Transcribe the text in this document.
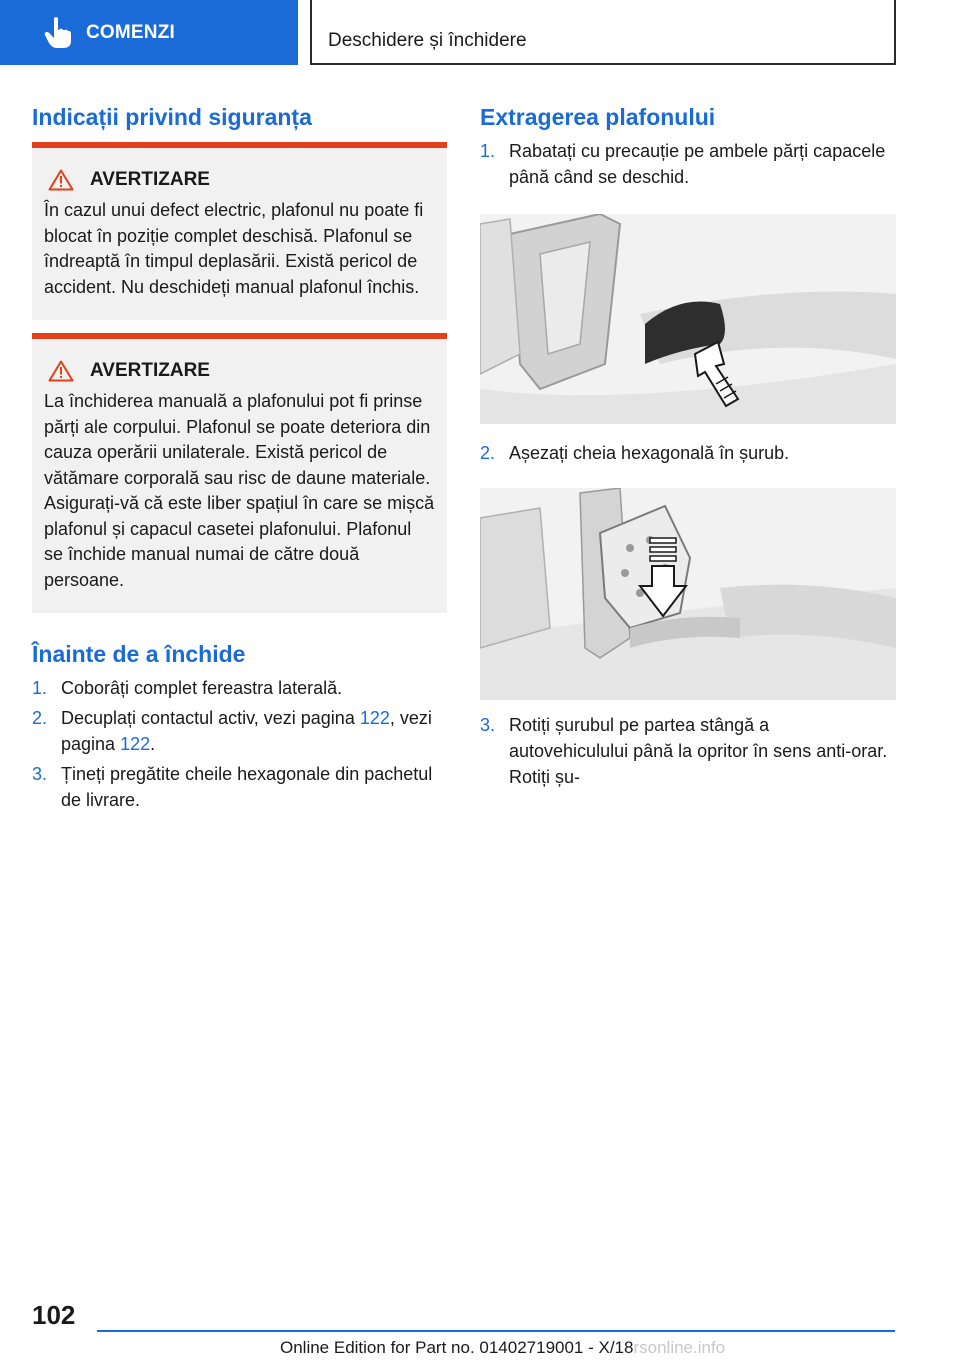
COMENZI	Deschidere și închidere
Indicații privind siguranța
AVERTIZARE

În cazul unui defect electric, plafonul nu poate fi blocat în poziție complet deschisă. Plafonul se îndreaptă în timpul deplasării. Există pericol de accident. Nu deschideți manual plafonul închis.

AVERTIZARE

La închiderea manuală a plafonului pot fi prinse părți ale corpului. Plafonul se poate deteriora din cauza operării unilaterale. Există pericol de vătămare corporală sau risc de daune materiale. Asigurați-vă că este liber spațiul în care se mișcă plafonul și capacul casetei plafonului. Plafonul se închide manual numai de către două persoane.

Înainte de a închide
1. Coborâți complet fereastra laterală.
2. Decuplați contactul activ, vezi pagina 122, vezi pagina 122.
3. Țineți pregătite cheile hexagonale din pachetul de livrare.
Extragerea plafonului
1. Rabatați cu precauție pe ambele părți capacele până când se deschid.
2. Așezați cheia hexagonală în șurub.
3. Rotiți șurubul pe partea stângă a autovehiculului până la opritor în sens anti-orar. Rotiți șu-
102
Online Edition for Part no. 01402719001 - X/18rsonline.info
